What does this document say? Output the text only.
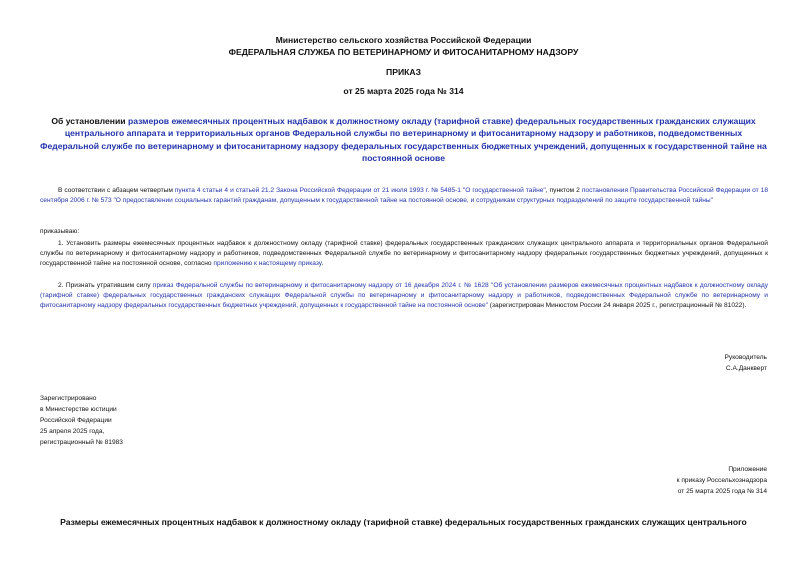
Министерство сельского хозяйства Российской Федерации
ФЕДЕРАЛЬНАЯ СЛУЖБА ПО ВЕТЕРИНАРНОМУ И ФИТОСАНИТАРНОМУ НАДЗОРУ
ПРИКАЗ
от 25 марта 2025 года № 314
Об установлении размеров ежемесячных процентных надбавок к должностному окладу (тарифной ставке) федеральных государственных гражданских служащих центрального аппарата и территориальных органов Федеральной службы по ветеринарному и фитосанитарному надзору и работников, подведомственных Федеральной службе по ветеринарному и фитосанитарному надзору федеральных государственных бюджетных учреждений, допущенных к государственной тайне на постоянной основе
В соответствии с абзацем четвертым пункта 4 статьи 4 и статьей 21.2 Закона Российской Федерации от 21 июля 1993 г. № 5485-1 "О государственной тайне", пунктом 2 постановления Правительства Российской Федерации от 18 сентября 2006 г. № 573 "О предоставлении социальных гарантий гражданам, допущенным к государственной тайне на постоянной основе, и сотрудникам структурных подразделений по защите государственной тайны"
приказываю:
1. Установить размеры ежемесячных процентных надбавок к должностному окладу (тарифной ставке) федеральных государственных гражданских служащих центрального аппарата и территориальных органов Федеральной службы по ветеринарному и фитосанитарному надзору и работников, подведомственных Федеральной службе по ветеринарному и фитосанитарному надзору федеральных государственных бюджетных учреждений, допущенных к государственной тайне на постоянной основе, согласно приложению к настоящему приказу.
2. Признать утратившим силу приказ Федеральной службы по ветеринарному и фитосанитарному надзору от 16 декабря 2024 г. № 1628 "Об установлении размеров ежемесячных процентных надбавок к должностному окладу (тарифной ставке) федеральных государственных гражданских служащих Федеральной службы по ветеринарному и фитосанитарному надзору и работников, подведомственных Федеральной службе по ветеринарному и фитосанитарному надзору федеральных государственных бюджетных учреждений, допущенных к государственной тайне на постоянной основе" (зарегистрирован Минюстом России 24 января 2025 г., регистрационный № 81022).
Руководитель
С.А.Данкверт
Зарегистрировано
в Министерстве юстиции
Российской Федерации
25 апреля 2025 года,
регистрационный № 81983
Приложение
к приказу Россельхознадзора
от 25 марта 2025 года № 314
Размеры ежемесячных процентных надбавок к должностному окладу (тарифной ставке) федеральных государственных гражданских служащих центрального
